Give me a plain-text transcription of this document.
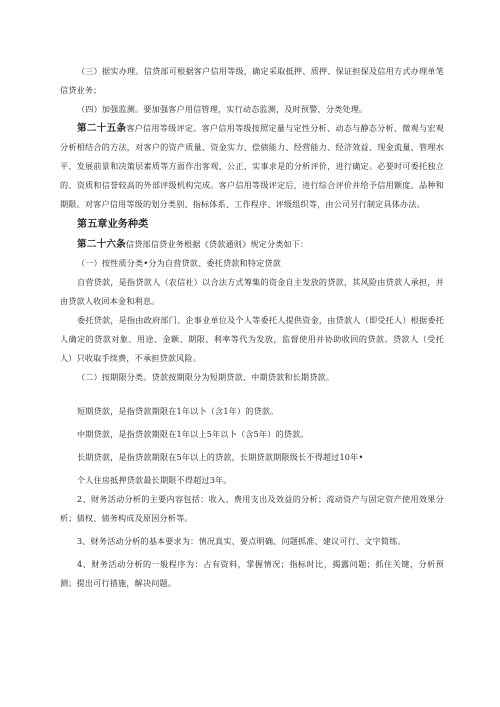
（三）据实办理。信贷部可根据客户信用等级，确定采取抵押、质押、保证担保及信用方式办理单笔信贷业务；

（四）加强监测。要加强客户用信管理，实行动态监测，及时预警，分类处理。

第二十五条客户信用等级评定。客户信用等级按照定量与定性分析、动态与静态分析、微观与宏观分析相结合的方法，对客户的资产质量、资金实力、偿债能力、经营能力、经济效益、现金流量、管理水平、发展前景和决策层素质等方面作出客观、公正、实事求是的分析评价，进行确定。必要时可委托独立的、资质和信誉较高的外部评级机构完成。客户信用等级评定后，进行综合评价并给予信用额度、品种和期限。对客户信用等级的划分类别、指标体系、工作程序、评级组织等，由公司另行制定具体办法。

第五章业务种类

第二十六条信贷部信贷业务根据《贷款通则》规定分类如下：

（一）按性质分类•分为自营贷款、委托贷款和特定贷款

自营贷款，是指贷款人（农信社）以合法方式筹集的资金自主发放的贷款，其风险由贷款人承担，并由贷款人收回本金和利息。

委托贷款，是指由政府部门、企事业单位及个人等委托人提供资金，由贷款人（即受托人）根据委托人确定的贷款对象、用途、金额、期限、利率等代为发放，监督使用并协助收回的贷款。贷款人（受托人）只收取手续费，不承担贷款风险。

（二）按期限分类。贷款按期限分为短期贷款、中期贷款和长期贷款。

短期贷款，是指贷款期限在1年以卜（含1年）的贷款。

中期贷款，是指贷款期限在1年以上5年以卜（含5年）的贷款。

长期贷款，是指贷款期限在5年以上的贷款，长期贷款期限级长不得超过10年•

个人住房抵押贷款最长期限不得超过3年。

2、财务活动分析的主要内容包括：收入、费用支出及效益的分析；流动资产与固定资产使用效果分析；债权、债务构成及原因分析等。

3、财务活动分析的基本要求为：情况真实、要点明确、问题抓准、建议可行、文字简练。

4、财务活动分析的一般程序为：占有资料，掌握情况；指标时比，揭露问题；抓住关键，分析预测；提出可行措施，解决问题。
